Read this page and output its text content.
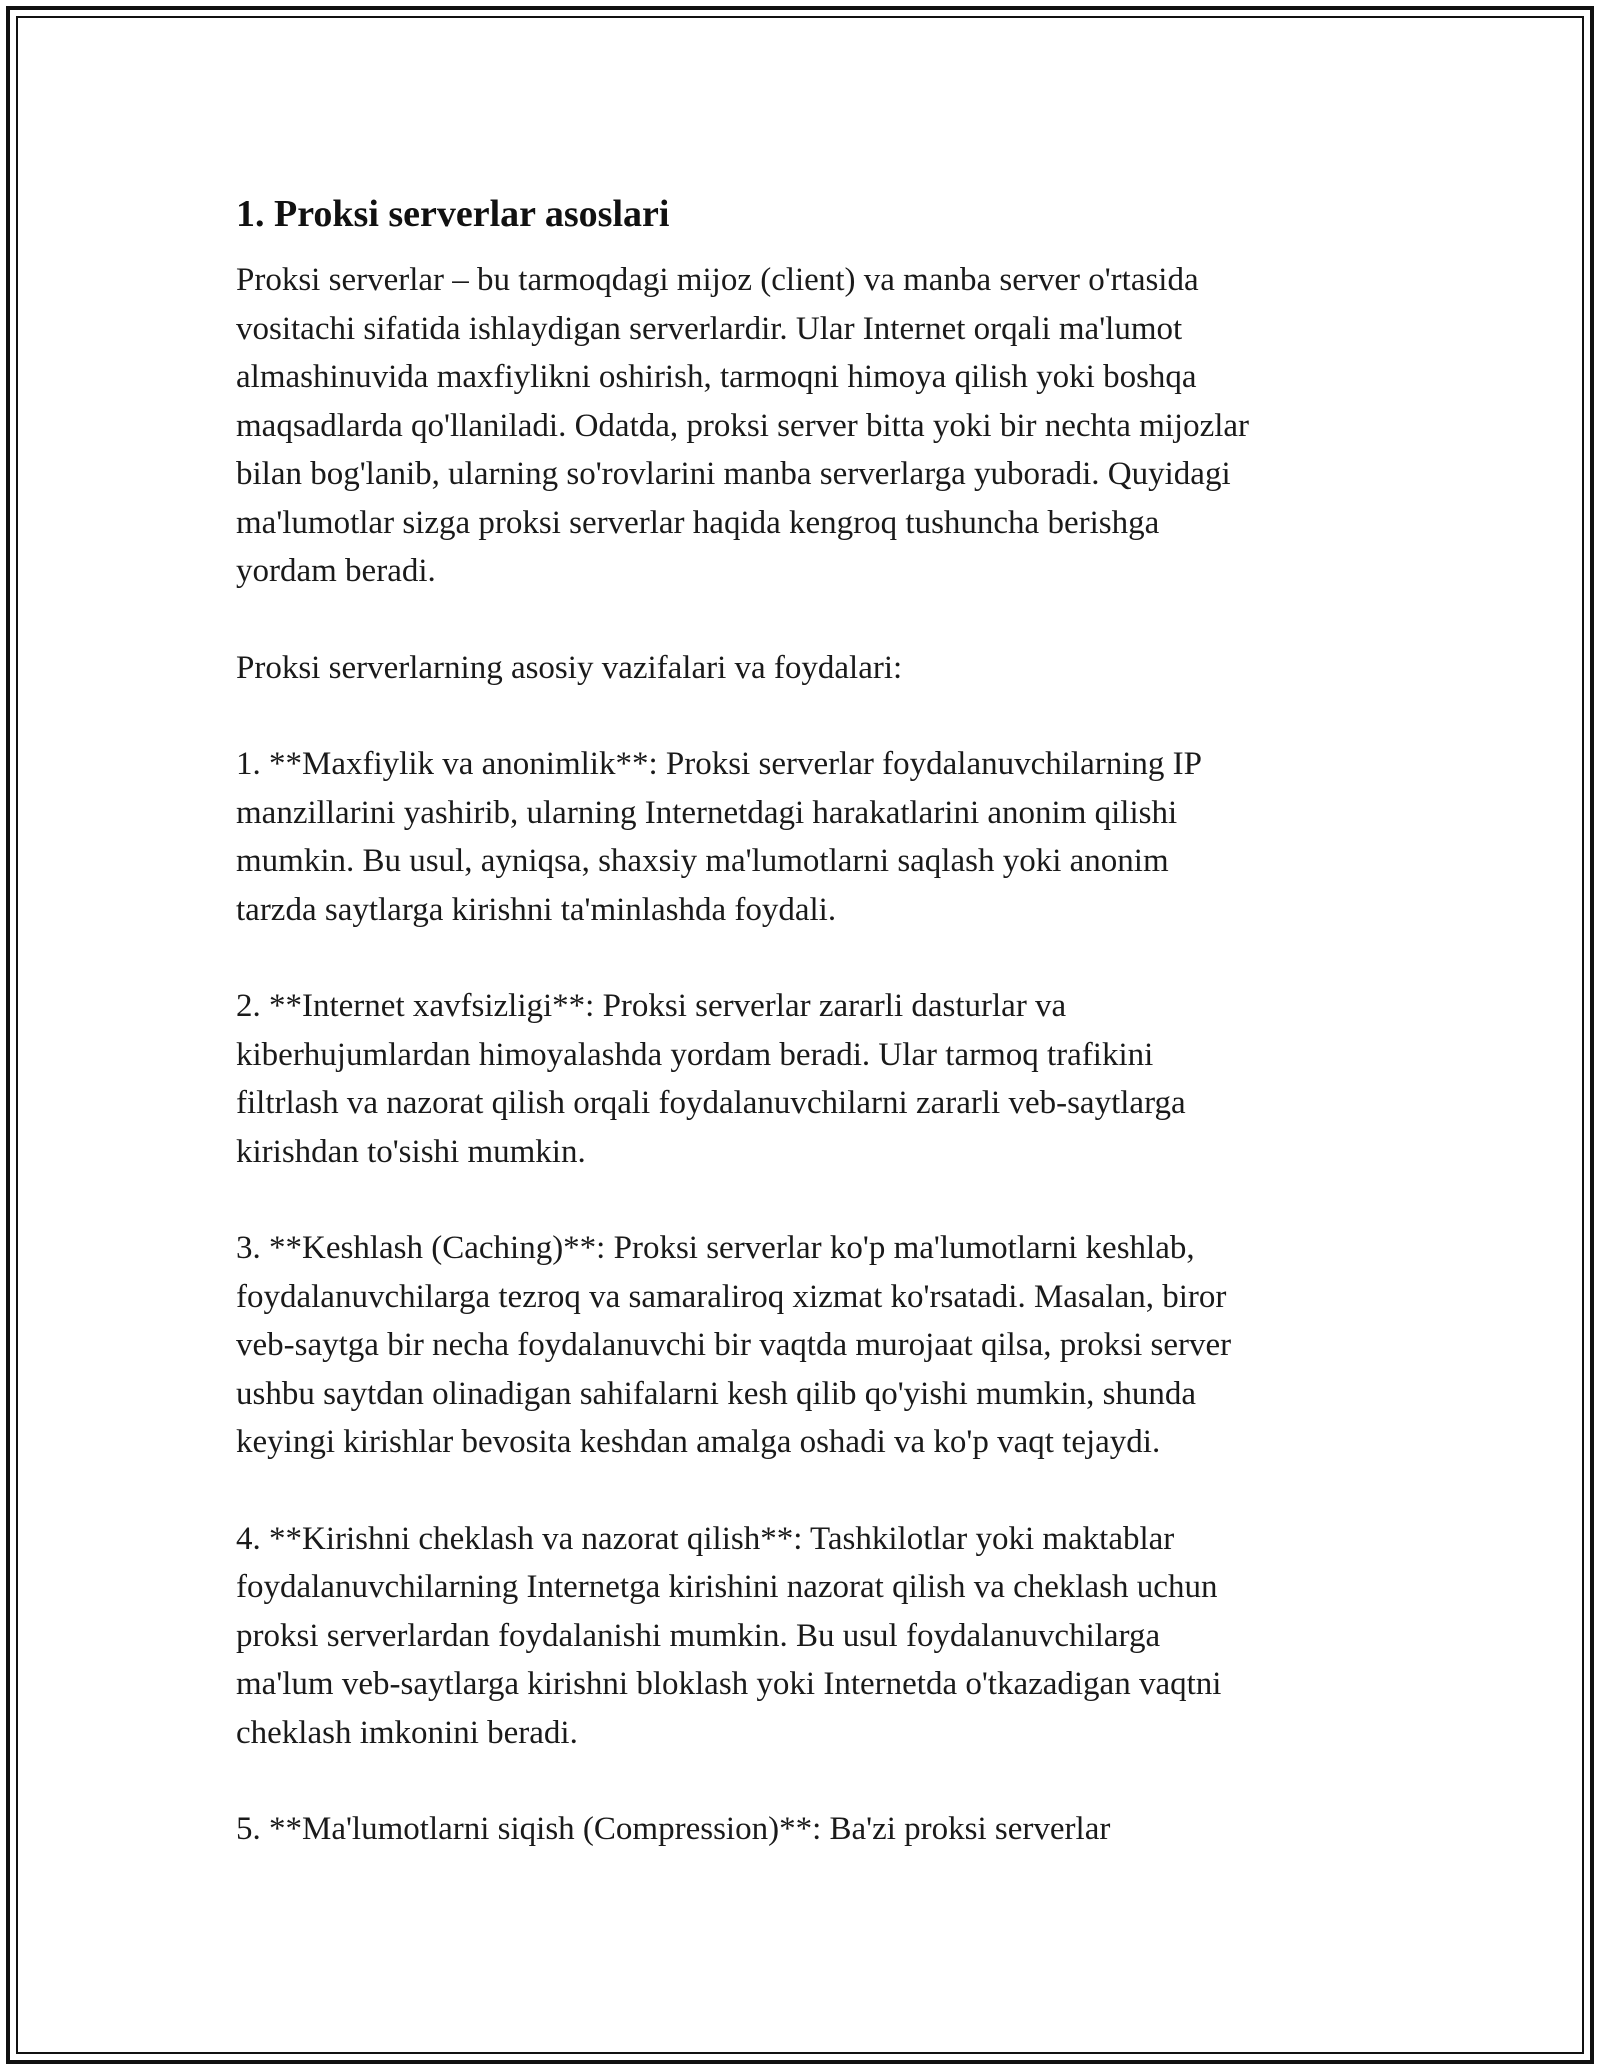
1. Proksi serverlar asoslari

Proksi serverlar – bu tarmoqdagi mijoz (client) va manba server o'rtasida
vositachi sifatida ishlaydigan serverlardir. Ular Internet orqali ma'lumot
almashinuvida maxfiylikni oshirish, tarmoqni himoya qilish yoki boshqa
maqsadlarda qo'llaniladi. Odatda, proksi server bitta yoki bir nechta mijozlar
bilan bog'lanib, ularning so'rovlarini manba serverlarga yuboradi. Quyidagi
ma'lumotlar sizga proksi serverlar haqida kengroq tushuncha berishga
yordam beradi.

Proksi serverlarning asosiy vazifalari va foydalari:

1. **Maxfiylik va anonimlik**: Proksi serverlar foydalanuvchilarning IP
manzillarini yashirib, ularning Internetdagi harakatlarini anonim qilishi
mumkin. Bu usul, ayniqsa, shaxsiy ma'lumotlarni saqlash yoki anonim
tarzda saytlarga kirishni ta'minlashda foydali.

2. **Internet xavfsizligi**: Proksi serverlar zararli dasturlar va
kiberhujumlardan himoyalashda yordam beradi. Ular tarmoq trafikini
filtrlash va nazorat qilish orqali foydalanuvchilarni zararli veb-saytlarga
kirishdan to'sishi mumkin.

3. **Keshlash (Caching)**: Proksi serverlar ko'p ma'lumotlarni keshlab,
foydalanuvchilarga tezroq va samaraliroq xizmat ko'rsatadi. Masalan, biror
veb-saytga bir necha foydalanuvchi bir vaqtda murojaat qilsa, proksi server
ushbu saytdan olinadigan sahifalarni kesh qilib qo'yishi mumkin, shunda
keyingi kirishlar bevosita keshdan amalga oshadi va ko'p vaqt tejaydi.

4. **Kirishni cheklash va nazorat qilish**: Tashkilotlar yoki maktablar
foydalanuvchilarning Internetga kirishini nazorat qilish va cheklash uchun
proksi serverlardan foydalanishi mumkin. Bu usul foydalanuvchilarga
ma'lum veb-saytlarga kirishni bloklash yoki Internetda o'tkazadigan vaqtni
cheklash imkonini beradi.

5. **Ma'lumotlarni siqish (Compression)**: Ba'zi proksi serverlar
